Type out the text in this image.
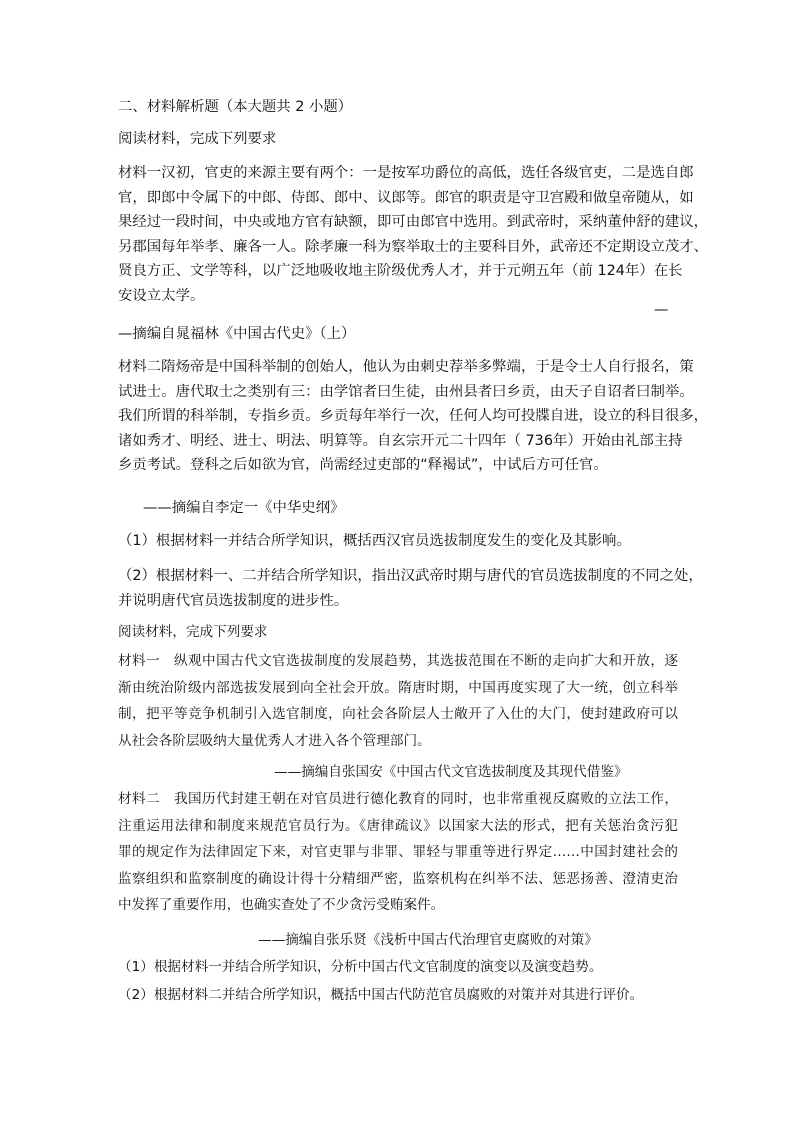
二、材料解析题（本大题共 2 小题）

阅读材料，完成下列要求

材料一汉初，官吏的来源主要有两个：一是按军功爵位的高低，选任各级官吏，二是选自郎
官，即郎中令属下的中郎、侍郎、郎中、议郎等。郎官的职责是守卫宫殿和做皇帝随从，如
果经过一段时间，中央或地方官有缺额，即可由郎官中选用。到武帝时，采纳董仲舒的建议，
另郡国每年举孝、廉各一人。除孝廉一科为察举取士的主要科目外，武帝还不定期设立茂才、
贤良方正、文学等科，以广泛地吸收地主阶级优秀人才，并于元朔五年（前 124年）在长
安设立太学。

—

—摘编自晁福林《中国古代史》（上）

材料二隋炀帝是中国科举制的创始人，他认为由刺史荐举多弊端，于是令士人自行报名，策
试进士。唐代取士之类别有三：由学馆者曰生徒，由州县者曰乡贡，由天子自诏者曰制举。
我们所谓的科举制，专指乡贡。乡贡每年举行一次，任何人均可投牒自进，设立的科目很多，
诸如秀才、明经、进士、明法、明算等。自玄宗开元二十四年（ 736年）开始由礼部主持
乡贡考试。登科之后如欲为官，尚需经过吏部的“释褐试”，中试后方可任官。

——摘编自李定一《中华史纲》

（1）根据材料一并结合所学知识，概括西汉官员选拔制度发生的变化及其影响。

（2）根据材料一、二并结合所学知识，指出汉武帝时期与唐代的官员选拔制度的不同之处，
并说明唐代官员选拔制度的进步性。

阅读材料，完成下列要求

材料一　纵观中国古代文官选拔制度的发展趋势，其选拔范围在不断的走向扩大和开放，逐
渐由统治阶级内部选拔发展到向全社会开放。隋唐时期，中国再度实现了大一统，创立科举
制，把平等竞争机制引入选官制度，向社会各阶层人士敞开了入仕的大门，使封建政府可以
从社会各阶层吸纳大量优秀人才进入各个管理部门。

——摘编自张国安《中国古代文官选拔制度及其现代借鉴》

材料二　我国历代封建王朝在对官员进行德化教育的同时，也非常重视反腐败的立法工作，
注重运用法律和制度来规范官员行为。《唐律疏议》以国家大法的形式，把有关惩治贪污犯
罪的规定作为法律固定下来，对官吏罪与非罪、罪轻与罪重等进行界定……中国封建社会的
监察组织和监察制度的确设计得十分精细严密，监察机构在纠举不法、惩恶扬善、澄清吏治
中发挥了重要作用，也确实查处了不少贪污受贿案件。

——摘编自张乐贤《浅析中国古代治理官吏腐败的对策》

（1）根据材料一并结合所学知识，分析中国古代文官制度的演变以及演变趋势。

（2）根据材料二并结合所学知识，概括中国古代防范官员腐败的对策并对其进行评价。
